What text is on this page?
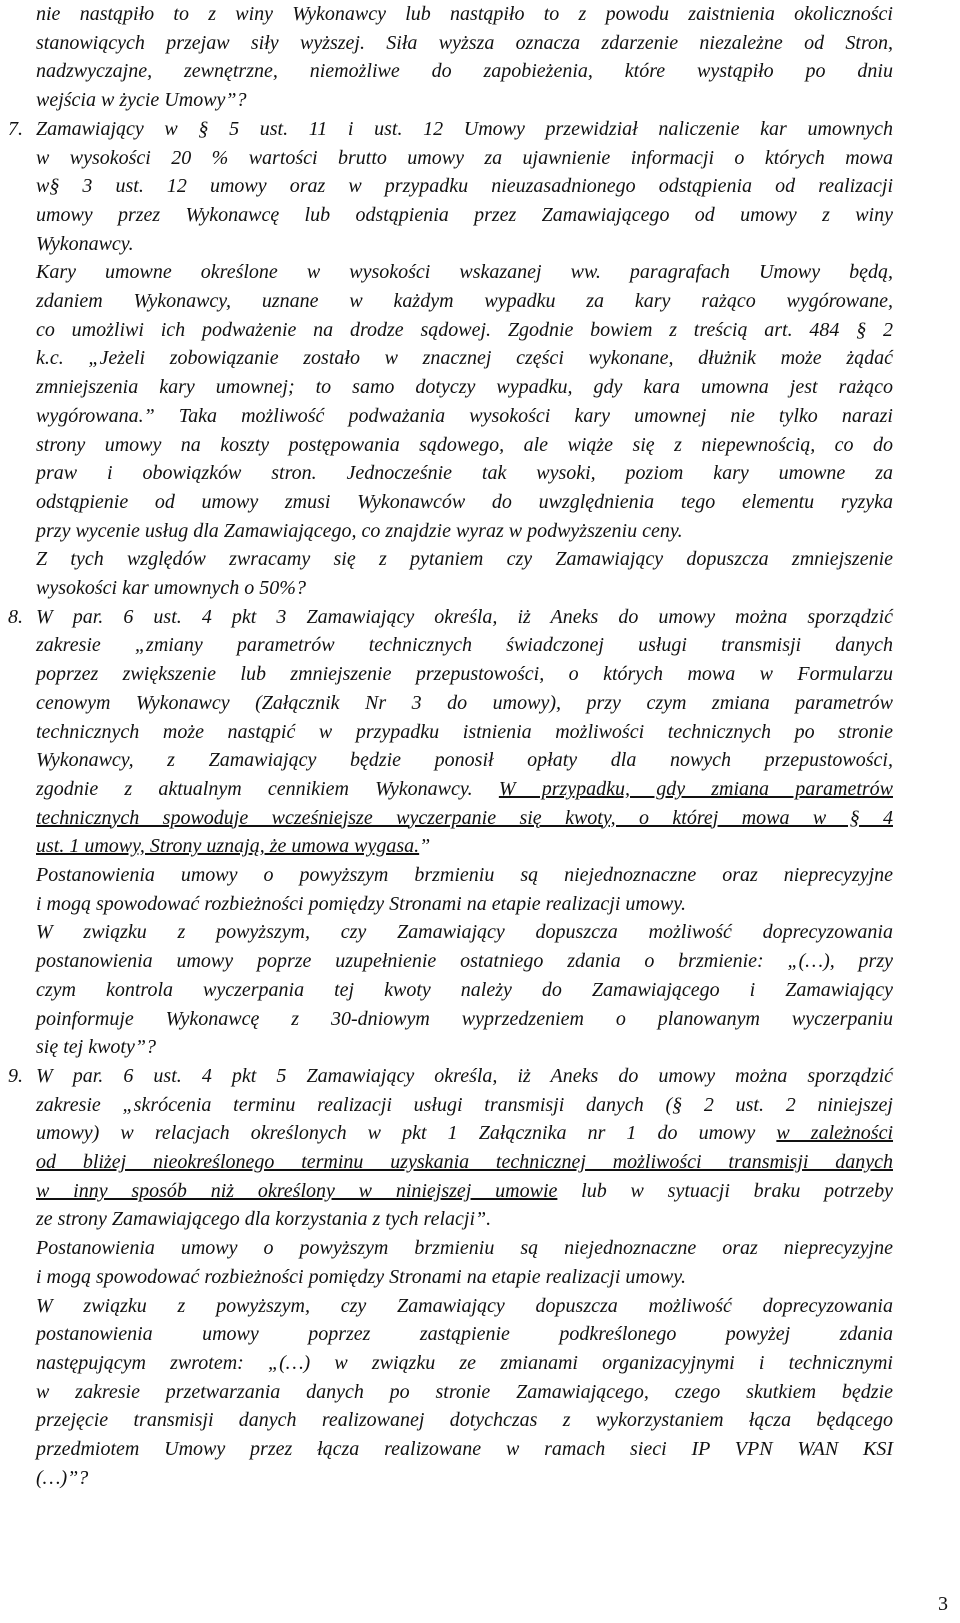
nie nastąpiło to z winy Wykonawcy lub nastąpiło to z powodu zaistnienia okoliczności
stanowiących przejaw siły wyższej. Siła wyższa oznacza zdarzenie niezależne od Stron,
nadzwyczajne, zewnętrzne, niemożliwe do zapobieżenia, które wystąpiło po dniu
wejścia w życie Umowy”?
7. Zamawiający w § 5 ust. 11 i ust. 12 Umowy przewidział naliczenie kar umownych
w wysokości 20 % wartości brutto umowy za ujawnienie informacji o których mowa
w§ 3 ust. 12 umowy oraz w przypadku nieuzasadnionego odstąpienia od realizacji
umowy przez Wykonawcę lub odstąpienia przez Zamawiającego od umowy z winy
Wykonawcy.
Kary umowne określone w wysokości wskazanej ww. paragrafach Umowy będą,
zdaniem Wykonawcy, uznane w każdym wypadku za kary rażąco wygórowane,
co umożliwi ich podważenie na drodze sądowej. Zgodnie bowiem z treścią art. 484 § 2
k.c. „Jeżeli zobowiązanie zostało w znacznej części wykonane, dłużnik może żądać
zmniejszenia kary umownej; to samo dotyczy wypadku, gdy kara umowna jest rażąco
wygórowana.” Taka możliwość podważania wysokości kary umownej nie tylko narazi
strony umowy na koszty postępowania sądowego, ale wiąże się z niepewnością, co do
praw i obowiązków stron. Jednocześnie tak wysoki, poziom kary umowne za
odstąpienie od umowy zmusi Wykonawców do uwzględnienia tego elementu ryzyka
przy wycenie usług dla Zamawiającego, co znajdzie wyraz w podwyższeniu ceny.
Z tych względów zwracamy się z pytaniem czy Zamawiający dopuszcza zmniejszenie
wysokości kar umownych o 50%?
8. W par. 6 ust. 4 pkt 3 Zamawiający określa, iż Aneks do umowy można sporządzić
zakresie „zmiany parametrów technicznych świadczonej usługi transmisji danych
poprzez zwiększenie lub zmniejszenie przepustowości, o których mowa w Formularzu
cenowym Wykonawcy (Załącznik Nr 3 do umowy), przy czym zmiana parametrów
technicznych może nastąpić w przypadku istnienia możliwości technicznych po stronie
Wykonawcy, z Zamawiający będzie ponosił opłaty dla nowych przepustowości,
zgodnie z aktualnym cennikiem Wykonawcy. W przypadku, gdy zmiana parametrów
technicznych spowoduje wcześniejsze wyczerpanie się kwoty, o której mowa w § 4
ust. 1 umowy, Strony uznają, że umowa wygasa.”
Postanowienia umowy o powyższym brzmieniu są niejednoznaczne oraz nieprecyzyjne
i mogą spowodować rozbieżności pomiędzy Stronami na etapie realizacji umowy.
W związku z powyższym, czy Zamawiający dopuszcza możliwość doprecyzowania
postanowienia umowy poprze uzupełnienie ostatniego zdania o brzmienie: „(…), przy
czym kontrola wyczerpania tej kwoty należy do Zamawiającego i Zamawiający
poinformuje Wykonawcę z 30-dniowym wyprzedzeniem o planowanym wyczerpaniu
się tej kwoty”?
9. W par. 6 ust. 4 pkt 5 Zamawiający określa, iż Aneks do umowy można sporządzić
zakresie „skrócenia terminu realizacji usługi transmisji danych (§ 2 ust. 2 niniejszej
umowy) w relacjach określonych w pkt 1 Załącznika nr 1 do umowy w zależności
od bliżej nieokreślonego terminu uzyskania technicznej możliwości transmisji danych
w inny sposób niż określony w niniejszej umowie lub w sytuacji braku potrzeby
ze strony Zamawiającego dla korzystania z tych relacji”.
Postanowienia umowy o powyższym brzmieniu są niejednoznaczne oraz nieprecyzyjne
i mogą spowodować rozbieżności pomiędzy Stronami na etapie realizacji umowy.
W związku z powyższym, czy Zamawiający dopuszcza możliwość doprecyzowania
postanowienia umowy poprzez zastąpienie podkreślonego powyżej zdania
następującym zwrotem: „(…) w związku ze zmianami organizacyjnymi i technicznymi
w zakresie przetwarzania danych po stronie Zamawiającego, czego skutkiem będzie
przejęcie transmisji danych realizowanej dotychczas z wykorzystaniem łącza będącego
przedmiotem Umowy przez łącza realizowane w ramach sieci IP VPN WAN KSI
(…)”?
3
